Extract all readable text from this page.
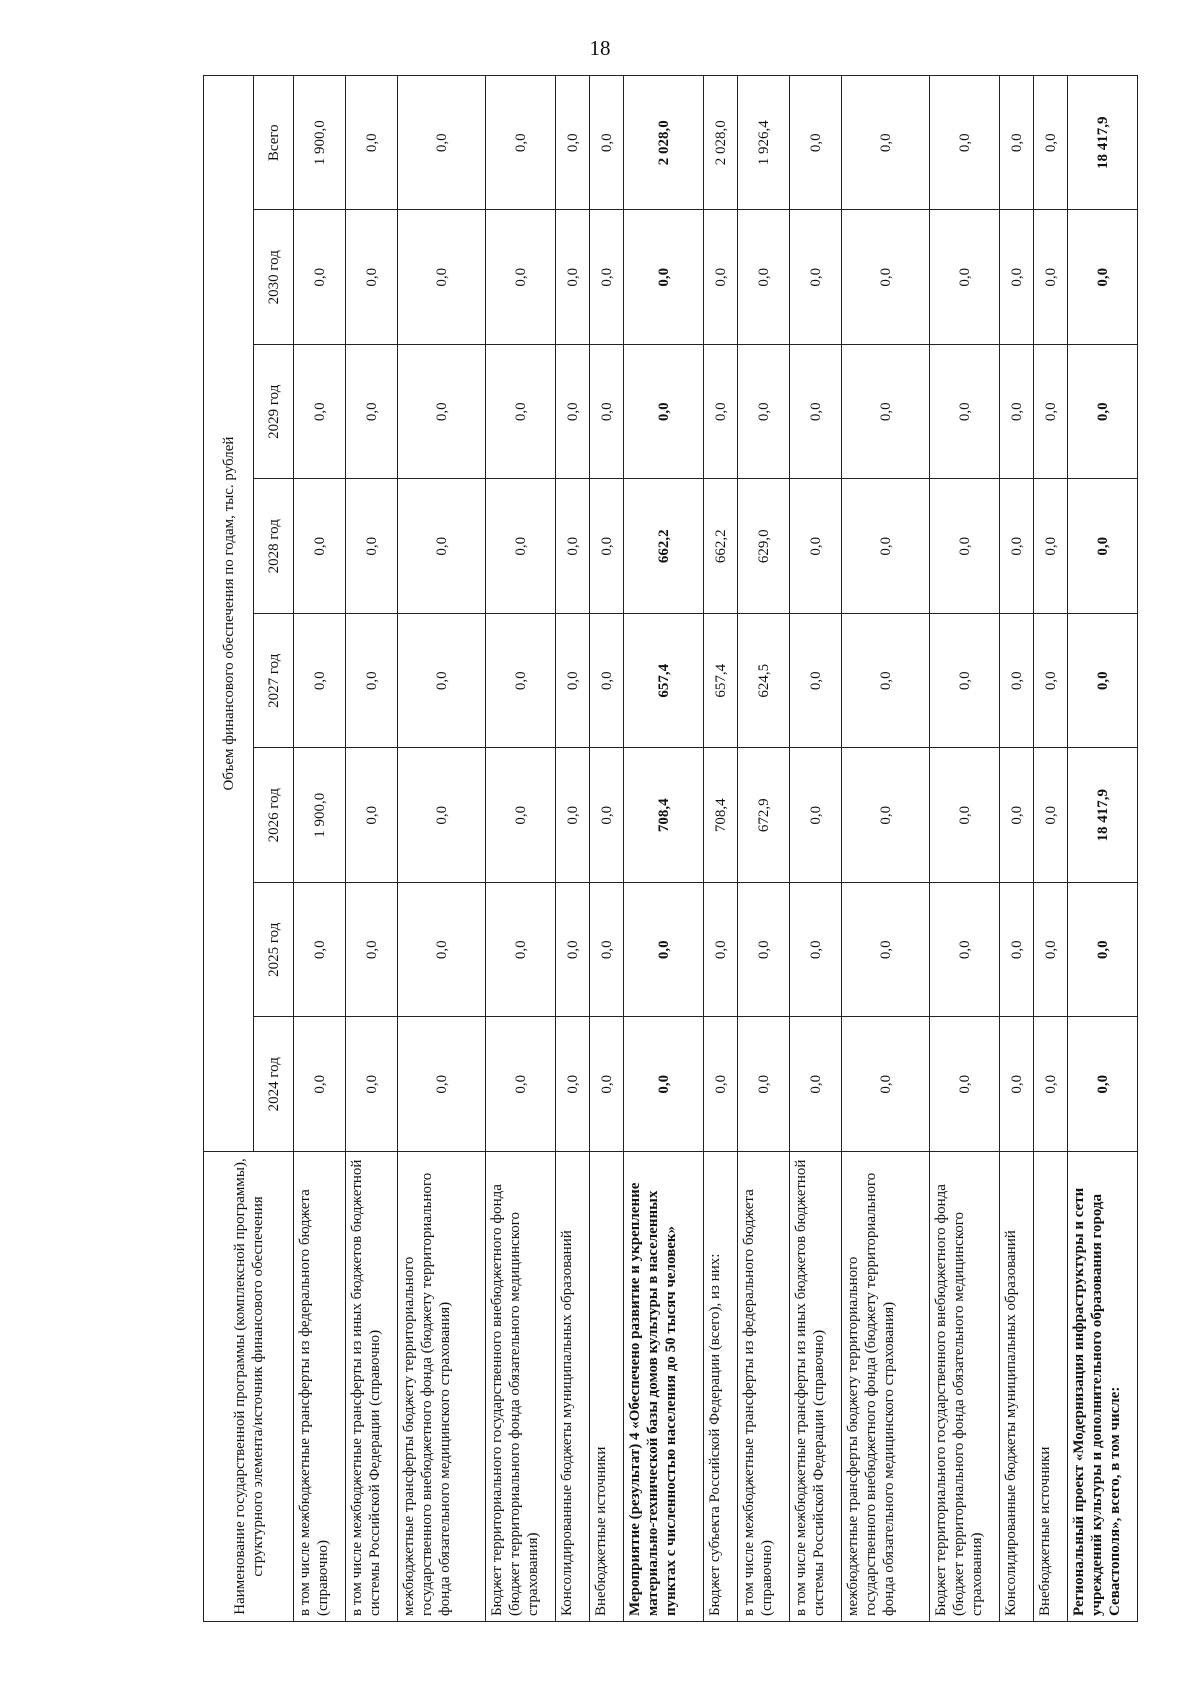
18
Наименование государственной программы (комплексной программы), структурного элемента/источник финансового обеспечения	Объем финансового обеспечения по годам, тыс. рублей							
	2024 год	2025 год	2026 год	2027 год	2028 год	2029 год	2030 год	Всего
в том числе межбюджетные трансферты из федерального бюджета (справочно)	0,0	0,0	1 900,0	0,0	0,0	0,0	0,0	1 900,0
в том числе межбюджетные трансферты из иных бюджетов бюджетной системы Российской Федерации (справочно)	0,0	0,0	0,0	0,0	0,0	0,0	0,0	0,0
межбюджетные трансферты бюджету территориального государственного внебюджетного фонда (бюджету территориального фонда обязательного медицинского страхования)	0,0	0,0	0,0	0,0	0,0	0,0	0,0	0,0
Бюджет территориального государственного внебюджетного фонда (бюджет территориального фонда обязательного медицинского страхования)	0,0	0,0	0,0	0,0	0,0	0,0	0,0	0,0
Консолидированные бюджеты муниципальных образований	0,0	0,0	0,0	0,0	0,0	0,0	0,0	0,0
Внебюджетные источники	0,0	0,0	0,0	0,0	0,0	0,0	0,0	0,0
Мероприятие (результат) 4 «Обеспечено развитие и укрепление материально-технической базы домов культуры в населенных пунктах с численностью населения до 50 тысяч человек»	0,0	0,0	708,4	657,4	662,2	0,0	0,0	2 028,0
Бюджет субъекта Российской Федерации (всего), из них:	0,0	0,0	708,4	657,4	662,2	0,0	0,0	2 028,0
в том числе межбюджетные трансферты из федерального бюджета (справочно)	0,0	0,0	672,9	624,5	629,0	0,0	0,0	1 926,4
в том числе межбюджетные трансферты из иных бюджетов бюджетной системы Российской Федерации (справочно)	0,0	0,0	0,0	0,0	0,0	0,0	0,0	0,0
межбюджетные трансферты бюджету территориального государственного внебюджетного фонда (бюджету территориального фонда обязательного медицинского страхования)	0,0	0,0	0,0	0,0	0,0	0,0	0,0	0,0
Бюджет территориального государственного внебюджетного фонда (бюджет территориального фонда обязательного медицинского страхования)	0,0	0,0	0,0	0,0	0,0	0,0	0,0	0,0
Консолидированные бюджеты муниципальных образований	0,0	0,0	0,0	0,0	0,0	0,0	0,0	0,0
Внебюджетные источники	0,0	0,0	0,0	0,0	0,0	0,0	0,0	0,0
Региональный проект «Модернизация инфраструктуры и сети учреждений культуры и дополнительного образования города Севастополя», всего, в том числе:	0,0	0,0	18 417,9	0,0	0,0	0,0	0,0	18 417,9
